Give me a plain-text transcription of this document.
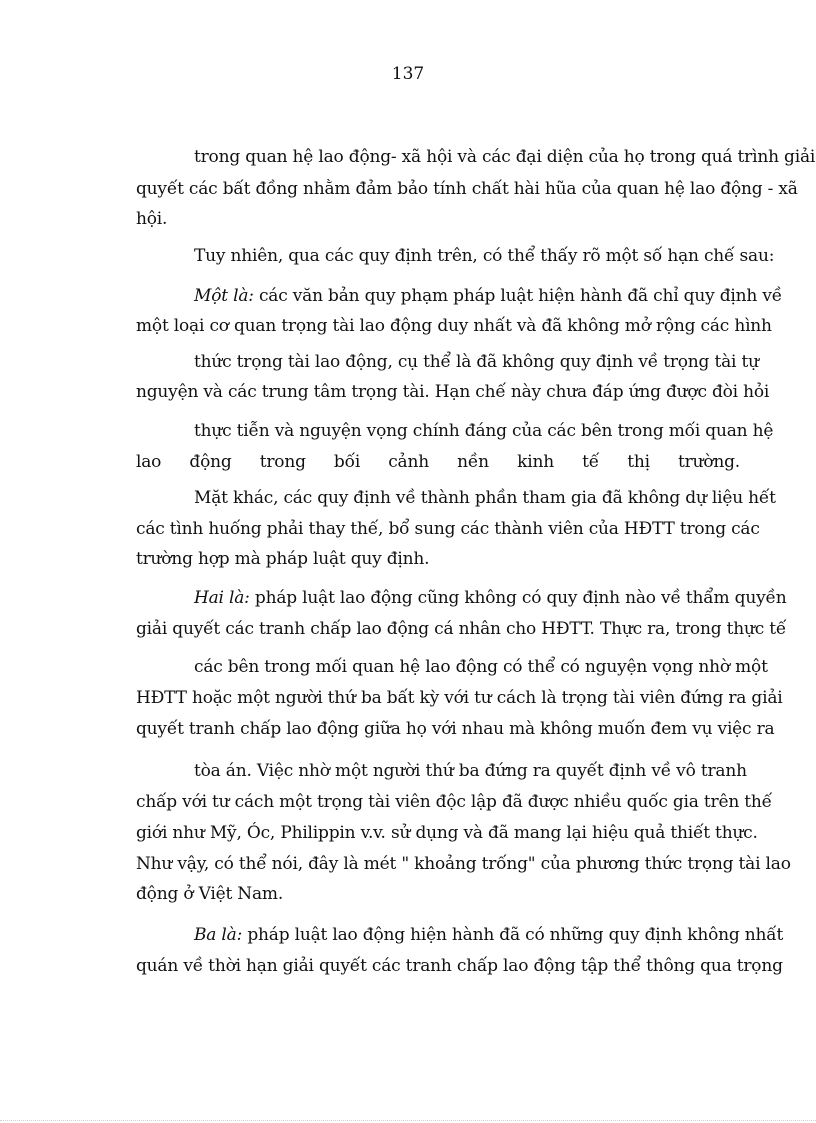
137
trong quan hệ lao động- xã hội và các đại diện của họ trong quá trình giải
quyết các bất đồng nhằm đảm bảo tính chất hài hũa của quan hệ lao động - xã
hội.
Tuy nhiên, qua các quy định trên, có thể thấy rõ một số hạn chế sau:
Một là: các văn bản quy phạm pháp luật hiện hành đã chỉ quy định về
một loại cơ quan trọng tài lao động duy nhất và đã không mở rộng các hình
thức trọng tài lao động, cụ thể là đã không quy định về trọng tài tự
nguyện và các trung tâm trọng tài. Hạn chế này chưa đáp ứng được đòi hỏi
thực tiễn và nguyện vọng chính đáng của các bên trong mối quan hệ
lao động trong bối cảnh nền kinh tế thị trường.
Mặt khác, các quy định về thành phần tham gia đã không dự liệu hết
các tình huống phải thay thế, bổ sung các thành viên của HĐTT trong các
trường hợp mà pháp luật quy định.
Hai là: pháp luật lao động cũng không có quy định nào về thẩm quyền
giải quyết các tranh chấp lao động cá nhân cho HĐTT. Thực ra, trong thực tế
các bên trong mối quan hệ lao động có thể có nguyện vọng nhờ một
HĐTT hoặc một người thứ ba bất kỳ với tư cách là trọng tài viên đứng ra giải
quyết tranh chấp lao động giữa họ với nhau mà không muốn đem vụ việc ra
tòa án. Việc nhờ một người thứ ba đứng ra quyết định về vô tranh
chấp với tư cách một trọng tài viên độc lập đã được nhiều quốc gia trên thế
giới như Mỹ, Óc, Philippin v.v. sử dụng và đã mang lại hiệu quả thiết thực.
Như vậy, có thể nói, đây là mét " khoảng trống" của phương thức trọng tài lao
động ở Việt Nam.
Ba là: pháp luật lao động hiện hành đã có những quy định không nhất
quán về thời hạn giải quyết các tranh chấp lao động tập thể thông qua trọng
